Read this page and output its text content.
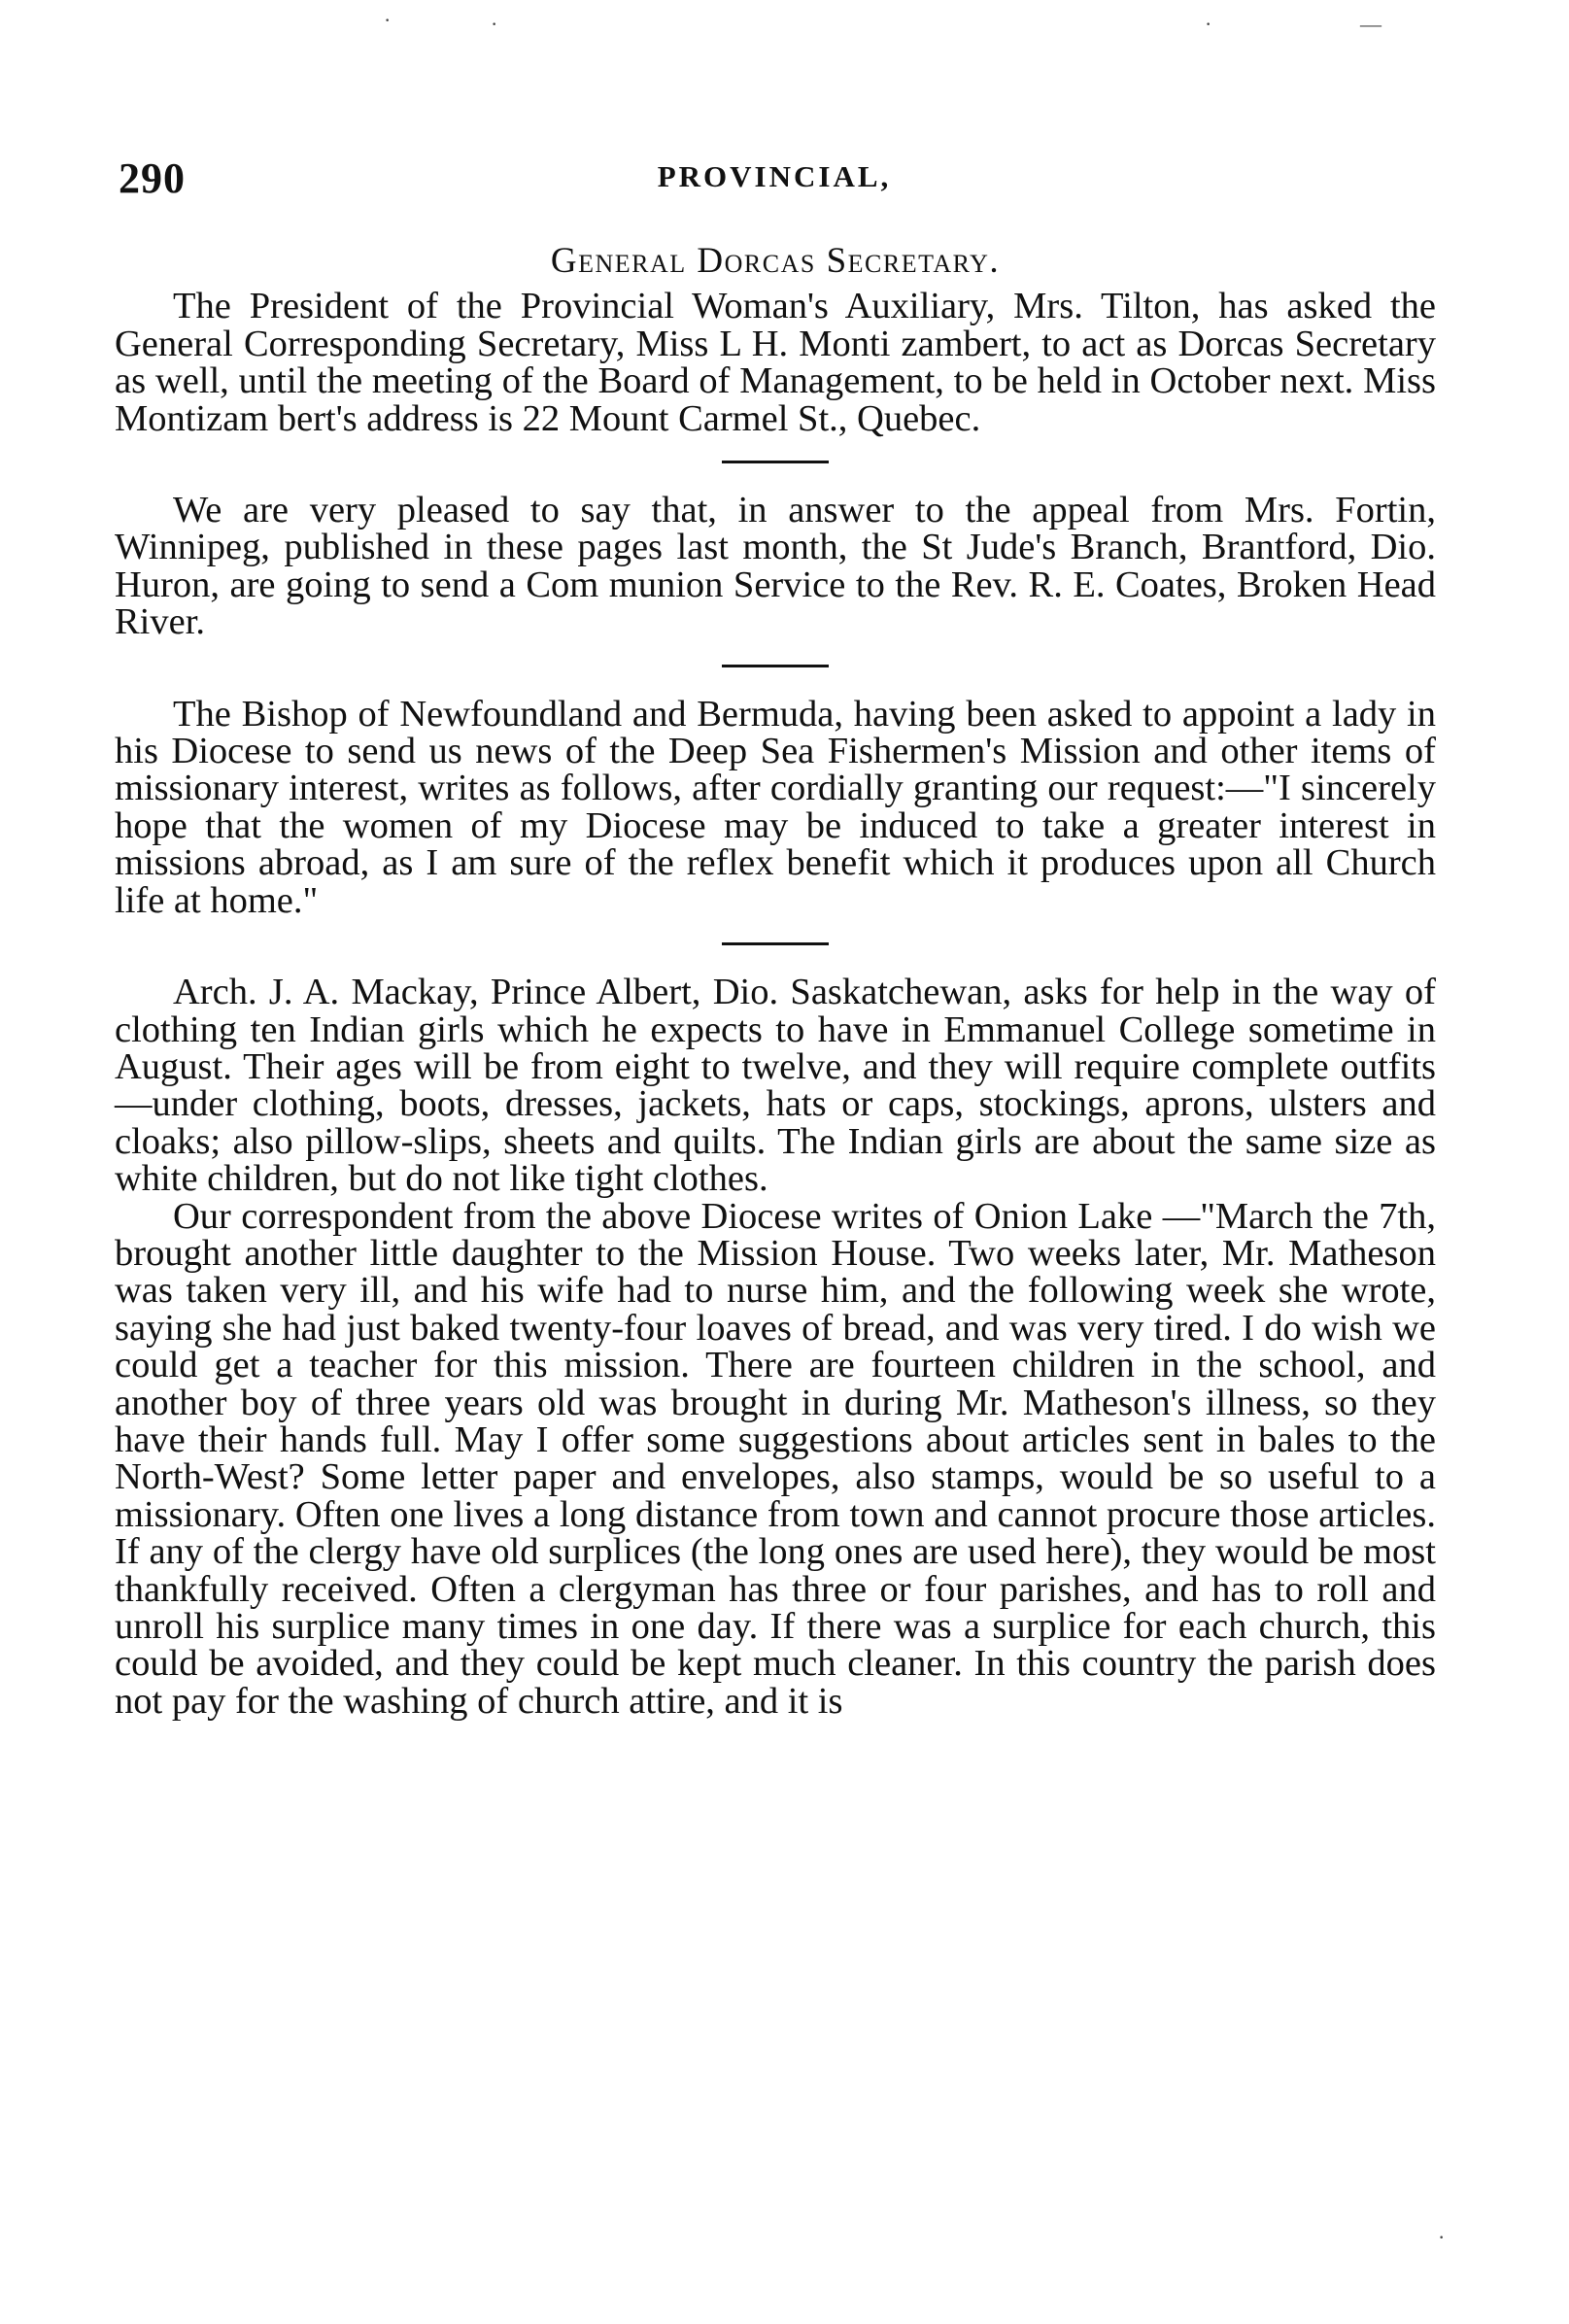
·	·	·	—
·
290	PROVINCIAL,
General Dorcas Secretary.

The President of the Provincial Woman's Auxiliary, Mrs. Tilton, has asked the General Corresponding Secretary, Miss L H. Monti zambert, to act as Dorcas Secretary as well, until the meeting of the Board of Management, to be held in October next. Miss Montizam bert's address is 22 Mount Carmel St., Quebec.

We are very pleased to say that, in answer to the appeal from Mrs. Fortin, Winnipeg, published in these pages last month, the St Jude's Branch, Brantford, Dio. Huron, are going to send a Com munion Service to the Rev. R. E. Coates, Broken Head River.

The Bishop of Newfoundland and Bermuda, having been asked to appoint a lady in his Diocese to send us news of the Deep Sea Fishermen's Mission and other items of missionary interest, writes as follows, after cordially granting our request:—"I sincerely hope that the women of my Diocese may be induced to take a greater interest in missions abroad, as I am sure of the reflex benefit which it produces upon all Church life at home."

Arch. J. A. Mackay, Prince Albert, Dio. Saskatchewan, asks for help in the way of clothing ten Indian girls which he expects to have in Emmanuel College sometime in August. Their ages will be from eight to twelve, and they will require complete outfits—under clothing, boots, dresses, jackets, hats or caps, stockings, aprons, ulsters and cloaks; also pillow-slips, sheets and quilts. The Indian girls are about the same size as white children, but do not like tight clothes.

Our correspondent from the above Diocese writes of Onion Lake —"March the 7th, brought another little daughter to the Mission House. Two weeks later, Mr. Matheson was taken very ill, and his wife had to nurse him, and the following week she wrote, saying she had just baked twenty-four loaves of bread, and was very tired. I do wish we could get a teacher for this mission. There are fourteen children in the school, and another boy of three years old was brought in during Mr. Matheson's illness, so they have their hands full. May I offer some suggestions about articles sent in bales to the North-West? Some letter paper and envelopes, also stamps, would be so useful to a missionary. Often one lives a long distance from town and cannot procure those articles. If any of the clergy have old surplices (the long ones are used here), they would be most thankfully received. Often a clergyman has three or four parishes, and has to roll and unroll his surplice many times in one day. If there was a surplice for each church, this could be avoided, and they could be kept much cleaner. In this country the parish does not pay for the washing of church attire, and it is
